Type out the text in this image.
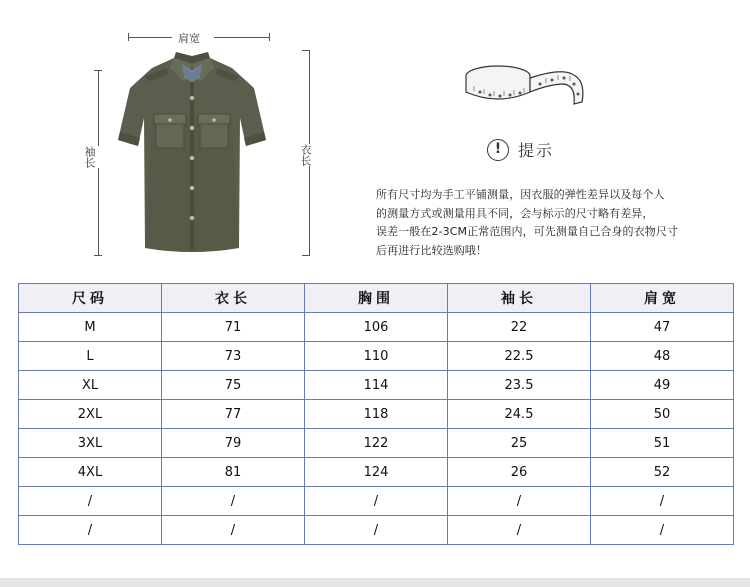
肩宽
袖长	衣长	!	提示
所有尺寸均为手工平铺测量，因衣服的弹性差异以及每个人
的测量方式或测量用具不同，会与标示的尺寸略有差异，
误差一般在2-3CM正常范围内，可先测量自己合身的衣物尺寸
后再进行比较选购哦！
尺码	衣长	胸围	袖长	肩宽
M	71	106	22	47
L	73	110	22.5	48
XL	75	114	23.5	49
2XL	77	118	24.5	50
3XL	79	122	25	51
4XL	81	124	26	52
/	/	/	/	/
/	/	/	/	/
